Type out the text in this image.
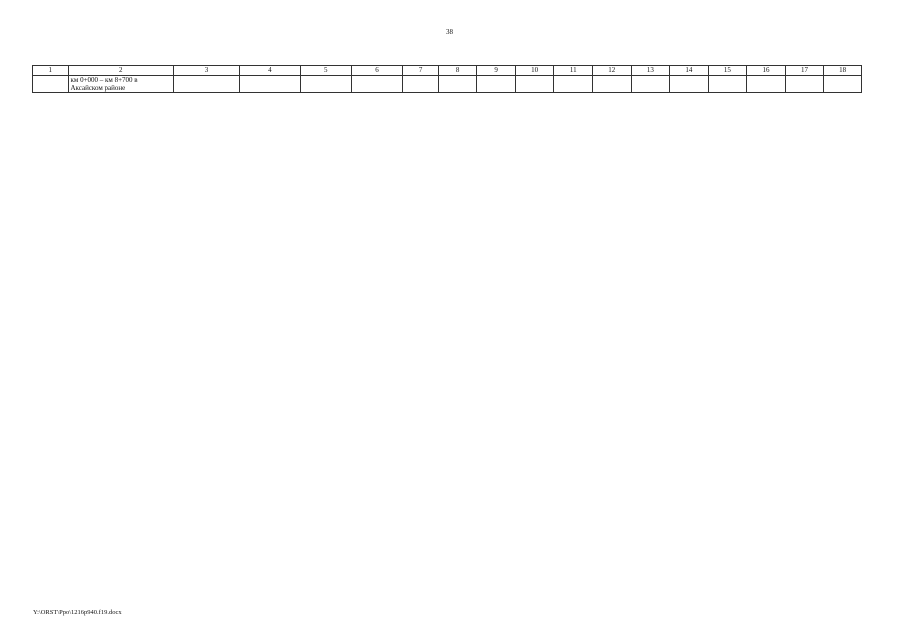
38
1	2	3	4	5	6	7	8	9	10	11	12	13	14	15	16	17	18
	км 0+000 – км 8+700 в Аксайском районе																
Y:\ORST\Ppo\1216p940.f19.docx
